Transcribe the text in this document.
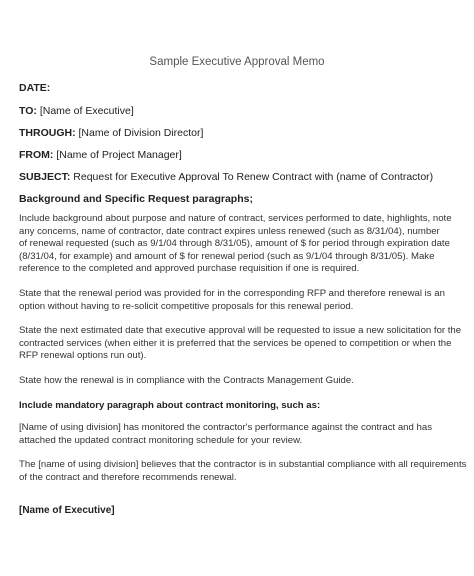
Sample Executive Approval Memo
DATE:
TO: [Name of Executive]
THROUGH: [Name of Division Director]
FROM: [Name of Project Manager]
SUBJECT: Request for Executive Approval To Renew Contract with (name of Contractor)
Background and Specific Request paragraphs;
Include background about purpose and nature of contract, services performed to date, highlights, note
any concerns, name of contractor, date contract expires unless renewed (such as 8/31/04), number
of renewal requested (such as 9/1/04 through 8/31/05), amount of $ for period through expiration date
(8/31/04, for example) and amount of $ for renewal period (such as 9/1/04 through 8/31/05). Make
reference to the completed and approved purchase requisition if one is required.
State that the renewal period was provided for in the corresponding RFP and therefore renewal is an
option without having to re-solicit competitive proposals for this renewal period.
State the next estimated date that executive approval will be requested to issue a new solicitation for the
contracted services (when either it is preferred that the services be opened to competition or when the
RFP renewal options run out).
State how the renewal is in compliance with the Contracts Management Guide.
Include mandatory paragraph about contract monitoring, such as:
[Name of using division] has monitored the contractor's performance against the contract and has
attached the updated contract monitoring schedule for your review.
The [name of using division] believes that the contractor is in substantial compliance with all requirements
of the contract and therefore recommends renewal.
[Name of Executive]
